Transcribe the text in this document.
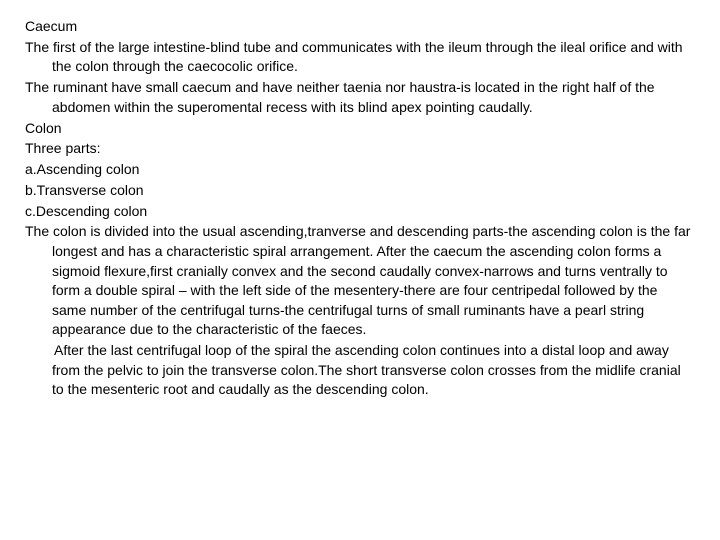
Caecum

The first of the large intestine-blind tube and communicates with the ileum through the ileal orifice and with the colon through the caecocolic orifice.

The ruminant have small caecum and have neither taenia nor haustra-is located in the right half of the abdomen within the superomental recess with its blind apex pointing caudally.

Colon

Three parts:

a.Ascending colon

b.Transverse colon

c.Descending colon

The colon is divided into the usual ascending,tranverse and descending parts-the ascending colon is the far longest and has a characteristic spiral arrangement. After the caecum the ascending colon forms a sigmoid flexure,first cranially convex and the second caudally convex-narrows and turns ventrally to form a double spiral – with the left side of the mesentery-there are four centripedal followed by the same number of the centrifugal turns-the centrifugal turns of small ruminants have a pearl string appearance due to the characteristic of the faeces.

After the last centrifugal loop of the spiral the ascending colon continues into a distal loop and away from the pelvic to join the transverse colon.The short transverse colon crosses from the midlife cranial to the mesenteric root and caudally as the descending colon.
